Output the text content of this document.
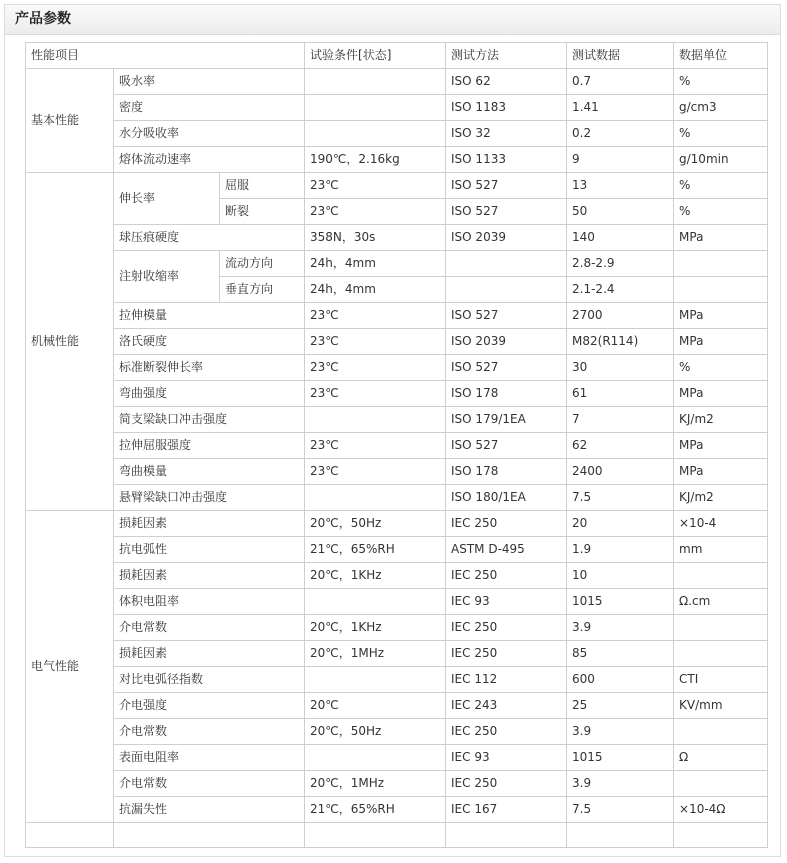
产品参数
性能项目			试验条件[状态]	测试方法	测试数据	数据单位
基本性能	吸水率			ISO 62	0.7	%
	密度			ISO 1183	1.41	g/cm3
	水分吸收率			ISO 32	0.2	%
	熔体流动速率		190℃，2.16kg	ISO 1133	9	g/10min
机械性能	伸长率	屈服	23℃	ISO 527	13	%
		断裂	23℃	ISO 527	50	%
	球压痕硬度		358N，30s	ISO 2039	140	MPa
	注射收缩率	流动方向	24h，4mm		2.8-2.9	
		垂直方向	24h，4mm		2.1-2.4	
	拉伸模量		23℃	ISO 527	2700	MPa
	洛氏硬度		23℃	ISO 2039	M82(R114)	MPa
	标准断裂伸长率		23℃	ISO 527	30	%
	弯曲强度		23℃	ISO 178	61	MPa
	简支梁缺口冲击强度			ISO 179/1EA	7	KJ/m2
	拉伸屈服强度		23℃	ISO 527	62	MPa
	弯曲模量		23℃	ISO 178	2400	MPa
	悬臂梁缺口冲击强度			ISO 180/1EA	7.5	KJ/m2
电气性能	损耗因素		20℃，50Hz	IEC 250	20	×10-4
	抗电弧性		21℃，65%RH	ASTM D-495	1.9	mm
	损耗因素		20℃，1KHz	IEC 250	10	
	体积电阻率			IEC 93	1015	Ω.cm
	介电常数		20℃，1KHz	IEC 250	3.9	
	损耗因素		20℃，1MHz	IEC 250	85	
	对比电弧径指数			IEC 112	600	CTI
	介电强度		20℃	IEC 243	25	KV/mm
	介电常数		20℃，50Hz	IEC 250	3.9	
	表面电阻率			IEC 93	1015	Ω
	介电常数		20℃，1MHz	IEC 250	3.9	
	抗漏失性		21℃，65%RH	IEC 167	7.5	×10-4Ω
